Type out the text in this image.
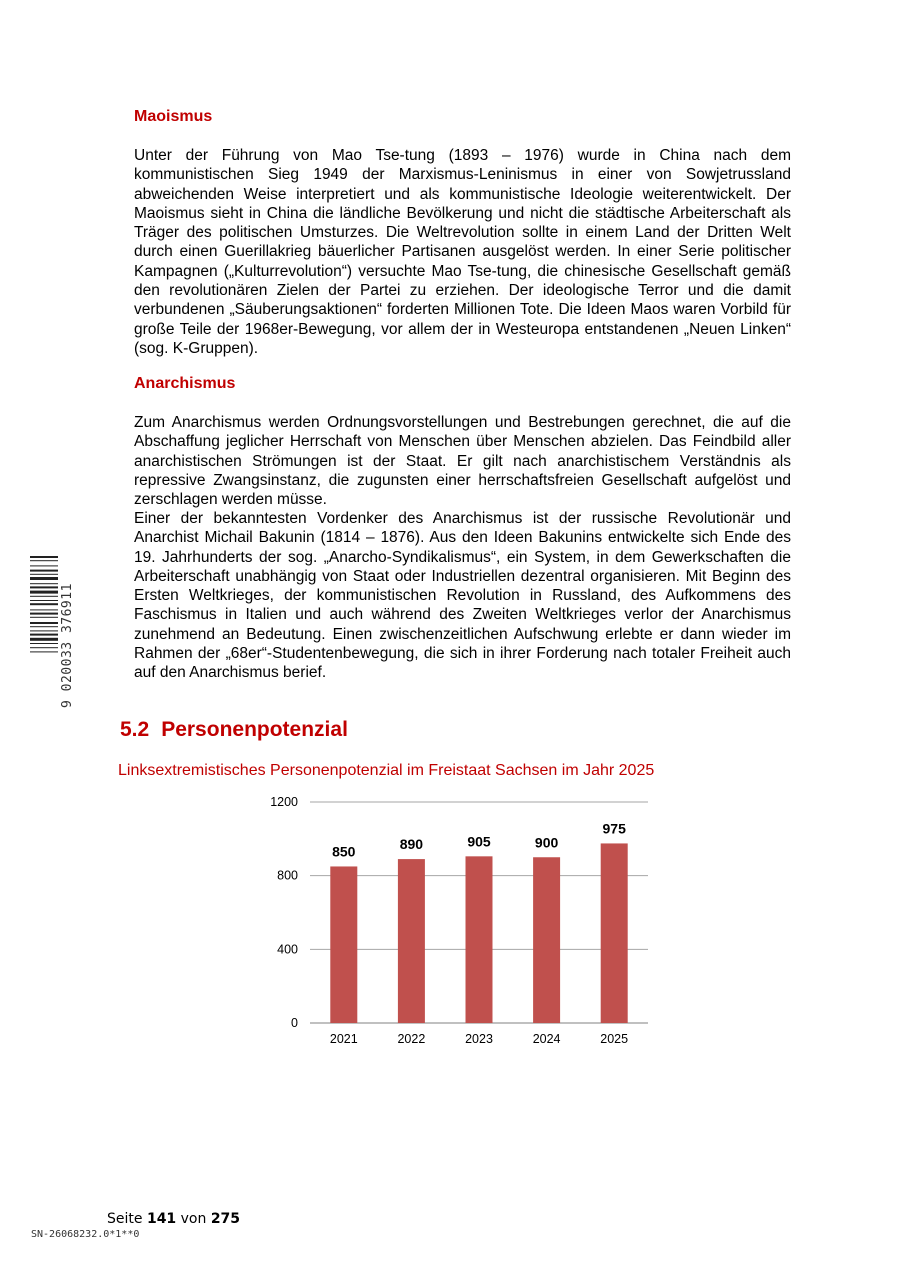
Maoismus

Unter der Führung von Mao Tse-tung (1893 – 1976) wurde in China nach dem kommunistischen Sieg 1949 der Marxismus-Leninismus in einer von Sowjetrussland abweichenden Weise interpretiert und als kommunistische Ideologie weiterentwickelt. Der Maoismus sieht in China die ländliche Bevölkerung und nicht die städtische Arbeiterschaft als Träger des politischen Umsturzes. Die Weltrevolution sollte in einem Land der Dritten Welt durch einen Guerillakrieg bäuerlicher Partisanen ausgelöst werden. In einer Serie politischer Kampagnen („Kulturrevolution“) versuchte Mao Tse-tung, die chinesische Gesellschaft gemäß den revolutionären Zielen der Partei zu erziehen. Der ideologische Terror und die damit verbundenen „Säuberungsaktionen“ forderten Millionen Tote. Die Ideen Maos waren Vorbild für große Teile der 1968er-Bewegung, vor allem der in Westeuropa entstandenen „Neuen Linken“ (sog. K-Gruppen).

Anarchismus

Zum Anarchismus werden Ordnungsvorstellungen und Bestrebungen gerechnet, die auf die Abschaffung jeglicher Herrschaft von Menschen über Menschen abzielen. Das Feindbild aller anarchistischen Strömungen ist der Staat. Er gilt nach anarchistischem Verständnis als repressive Zwangsinstanz, die zugunsten einer herrschaftsfreien Gesellschaft aufgelöst und zerschlagen werden müsse.

Einer der bekanntesten Vordenker des Anarchismus ist der russische Revolutionär und Anarchist Michail Bakunin (1814 – 1876). Aus den Ideen Bakunins entwickelte sich Ende des 19. Jahrhunderts der sog. „Anarcho-Syndikalismus“, ein System, in dem Gewerkschaften die Arbeiterschaft unabhängig von Staat oder Industriellen dezentral organisieren. Mit Beginn des Ersten Weltkrieges, der kommunistischen Revolution in Russland, des Aufkommens des Faschismus in Italien und auch während des Zweiten Weltkrieges verlor der Anarchismus zunehmend an Bedeutung. Einen zwischenzeitlichen Aufschwung erlebte er dann wieder im Rahmen der „68er“-Studentenbewegung, die sich in ihrer Forderung nach totaler Freiheit auch auf den Anarchismus berief.

5.2 Personenpotenzial
Linksextremistisches Personenpotenzial im Freistaat Sachsen im Jahr 2025
0
400
800
1200
850
2021
890
2022
905
2023
900
2024
975
2025
Seite 141 von 275
SN-26068232.0*1**0
9 020033 376911
